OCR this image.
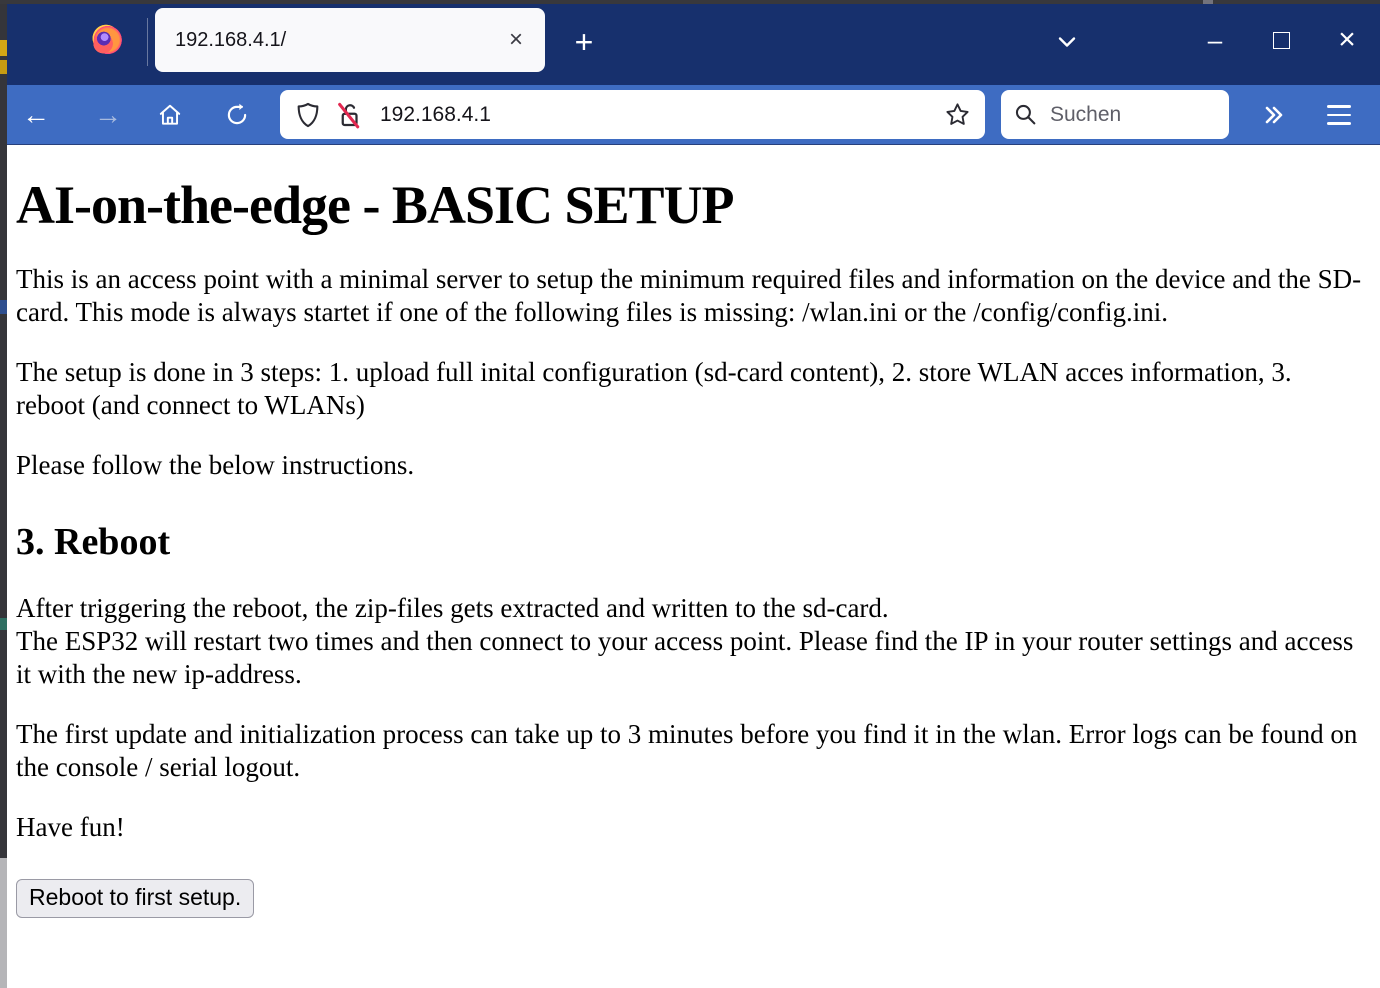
192.168.4.1/	× +	–	×
← →	192.168.4.1	Suchen
AI-on-the-edge - BASIC SETUP

This is an access point with a minimal server to setup the minimum required files and information on the device and the SD-card. This mode is always startet if one of the following files is missing: /wlan.ini or the /config/config.ini.

The setup is done in 3 steps: 1. upload full inital configuration (sd-card content), 2. store WLAN acces information, 3. reboot (and connect to WLANs)

Please follow the below instructions.

3. Reboot

After triggering the reboot, the zip-files gets extracted and written to the sd-card.
The ESP32 will restart two times and then connect to your access point. Please find the IP in your router settings and access it with the new ip-address.

The first update and initialization process can take up to 3 minutes before you find it in the wlan. Error logs can be found on the console / serial logout.

Have fun!

Reboot to first setup.
